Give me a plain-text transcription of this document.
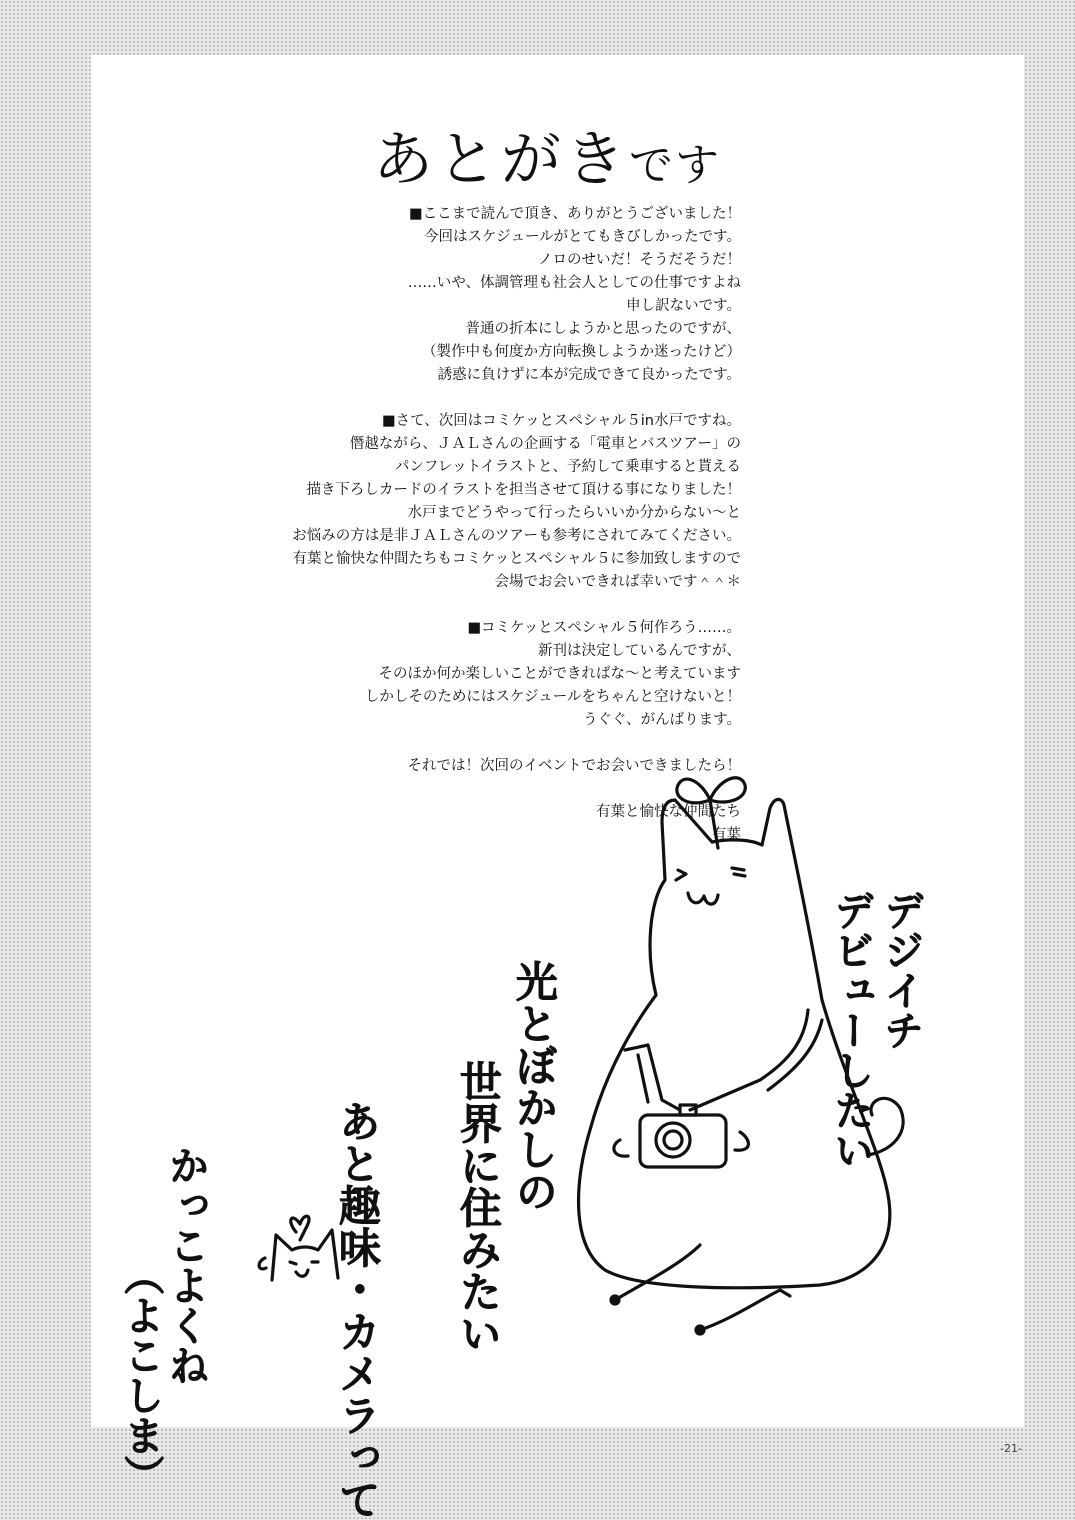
あとがきです
■ここまで読んで頂き、ありがとうございました！
今回はスケジュールがとてもきびしかったです。
ノロのせいだ！そうだそうだ！
……いや、体調管理も社会人としての仕事ですよね
申し訳ないです。
普通の折本にしようかと思ったのですが、
（製作中も何度か方向転換しようか迷ったけど）
誘惑に負けずに本が完成できて良かったです。
■さて、次回はコミケッとスペシャル５in水戸ですね。
僭越ながら、ＪＡＬさんの企画する「電車とバスツアー」の
パンフレットイラストと、予約して乗車すると貰える
描き下ろしカードのイラストを担当させて頂ける事になりました！
水戸までどうやって行ったらいいか分からない〜と
お悩みの方は是非ＪＡＬさんのツアーも参考にされてみてください。
有葉と愉快な仲間たちもコミケッとスペシャル５に参加致しますので
会場でお会いできれば幸いです＾＾＊
■コミケッとスペシャル５何作ろう……。
新刊は決定しているんですが、
そのほか何か楽しいことができればな〜と考えています
しかしそのためにはスケジュールをちゃんと空けないと！
うぐぐ、がんばります。
それでは！次回のイベントでお会いできましたら！
有葉と愉快な仲間たち
有葉
デジイチ
デビューしたい
光とぼかしの
世界に住みたい
あと趣味・カメラって
かっこよくね
（よこしま）	-21-
